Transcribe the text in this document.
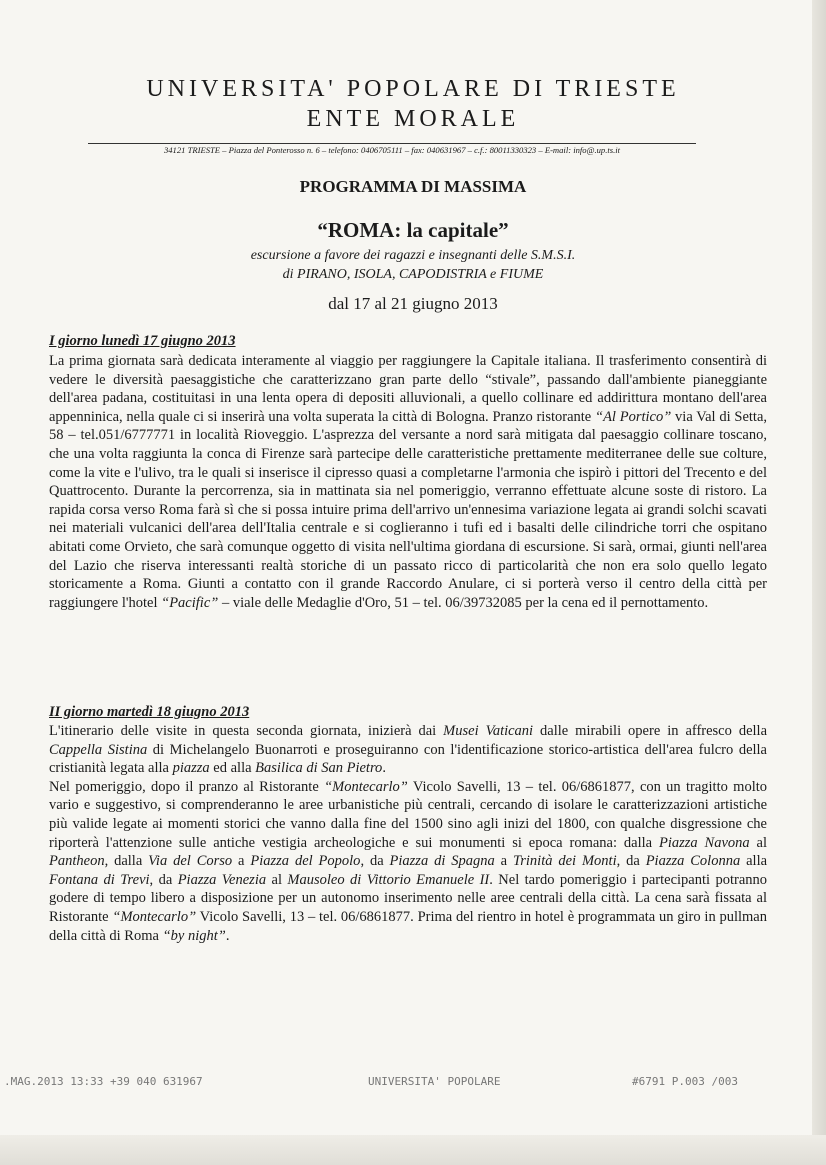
UNIVERSITA' POPOLARE DI TRIESTE
ENTE MORALE
34121 TRIESTE – Piazza del Ponterosso n. 6 – telefono: 0406705111 – fax: 040631967 – c.f.: 80011330323 – E-mail: info@.up.ts.it
PROGRAMMA DI MASSIMA
“ROMA: la capitale”
escursione a favore dei ragazzi e insegnanti delle S.M.S.I.
di PIRANO, ISOLA, CAPODISTRIA e FIUME
dal 17 al 21 giugno 2013
I giorno lunedì 17 giugno 2013

La prima giornata sarà dedicata interamente al viaggio per raggiungere la Capitale italiana. Il trasferimento consentirà di vedere le diversità paesaggistiche che caratterizzano gran parte dello “stivale”, passando dall'ambiente pianeggiante dell'area padana, costituitasi in una lenta opera di depositi alluvionali, a quello collinare ed addirittura montano dell'area appenninica, nella quale ci si inserirà una volta superata la città di Bologna. Pranzo ristorante “Al Portico” via Val di Setta, 58 – tel.051/6777771 in località Rioveggio. L'asprezza del versante a nord sarà mitigata dal paesaggio collinare toscano, che una volta raggiunta la conca di Firenze sarà partecipe delle caratteristiche prettamente mediterranee delle sue colture, come la vite e l'ulivo, tra le quali si inserisce il cipresso quasi a completarne l'armonia che ispirò i pittori del Trecento e del Quattrocento. Durante la percorrenza, sia in mattinata sia nel pomeriggio, verranno effettuate alcune soste di ristoro. La rapida corsa verso Roma farà sì che si possa intuire prima dell'arrivo un'ennesima variazione legata ai grandi solchi scavati nei materiali vulcanici dell'area dell'Italia centrale e si coglieranno i tufi ed i basalti delle cilindriche torri che ospitano abitati come Orvieto, che sarà comunque oggetto di visita nell'ultima giordana di escursione. Si sarà, ormai, giunti nell'area del Lazio che riserva interessanti realtà storiche di un passato ricco di particolarità che non era solo quello legato storicamente a Roma. Giunti a contatto con il grande Raccordo Anulare, ci si porterà verso il centro della città per raggiungere l'hotel “Pacific” – viale delle Medaglie d'Oro, 51 – tel. 06/39732085 per la cena ed il pernottamento.

II giorno martedì 18 giugno 2013

L'itinerario delle visite in questa seconda giornata, inizierà dai Musei Vaticani dalle mirabili opere in affresco della Cappella Sistina di Michelangelo Buonarroti e proseguiranno con l'identificazione storico-artistica dell'area fulcro della cristianità legata alla piazza ed alla Basilica di San Pietro.

Nel pomeriggio, dopo il pranzo al Ristorante “Montecarlo” Vicolo Savelli, 13 – tel. 06/6861877, con un tragitto molto vario e suggestivo, si comprenderanno le aree urbanistiche più centrali, cercando di isolare le caratterizzazioni artistiche più valide legate ai momenti storici che vanno dalla fine del 1500 sino agli inizi del 1800, con qualche disgressione che riporterà l'attenzione sulle antiche vestigia archeologiche e sui monumenti si epoca romana: dalla Piazza Navona al Pantheon, dalla Via del Corso a Piazza del Popolo, da Piazza di Spagna a Trinità dei Monti, da Piazza Colonna alla Fontana di Trevi, da Piazza Venezia al Mausoleo di Vittorio Emanuele II. Nel tardo pomeriggio i partecipanti potranno godere di tempo libero a disposizione per un autonomo inserimento nelle aree centrali della città. La cena sarà fissata al Ristorante “Montecarlo” Vicolo Savelli, 13 – tel. 06/6861877. Prima del rientro in hotel è programmata un giro in pullman della città di Roma “by night”.

.MAG.2013 13:33 +39 040 631967	UNIVERSITA' POPOLARE	#6791 P.003 /003
